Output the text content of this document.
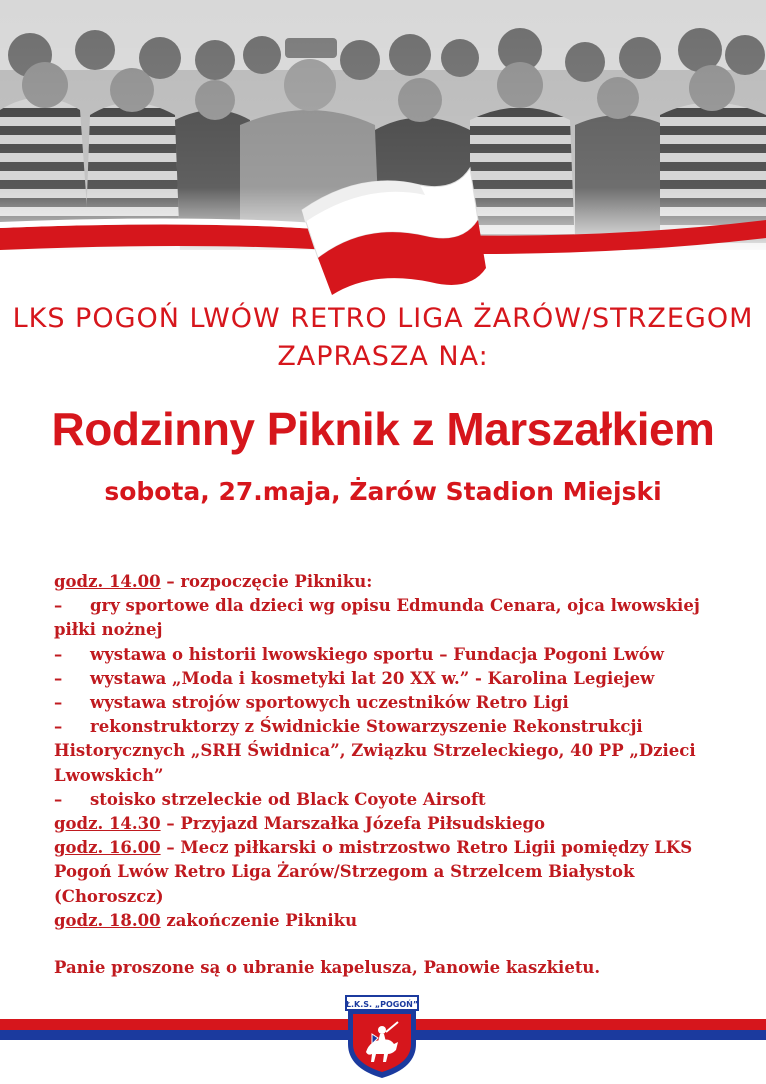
LKS POGOŃ LWÓW RETRO LIGA ŻARÓW/STRZEGOM
ZAPRASZA NA:
Rodzinny Piknik z Marszałkiem
sobota, 27.maja, Żarów Stadion Miejski

godz. 14.00 – rozpoczęcie Pikniku:

– gry sportowe dla dzieci wg opisu Edmunda Cenara, ojca lwowskiej

piłki nożnej

– wystawa o historii lwowskiego sportu – Fundacja Pogoni Lwów

– wystawa „Moda i kosmetyki lat 20 XX w.” - Karolina Legiejew

– wystawa strojów sportowych uczestników Retro Ligi

– rekonstruktorzy z Świdnickie Stowarzyszenie Rekonstrukcji

Historycznych „SRH Świdnica”, Związku Strzeleckiego, 40 PP „Dzieci

Lwowskich”

– stoisko strzeleckie od Black Coyote Airsoft

godz. 14.30 – Przyjazd Marszałka Józefa Piłsudskiego

godz. 16.00 – Mecz piłkarski o mistrzostwo Retro Ligii pomiędzy LKS

Pogoń Lwów Retro Liga Żarów/Strzegom a Strzelcem Białystok

(Choroszcz)

godz. 18.00 zakończenie Pikniku

Panie proszone są o ubranie kapelusza, Panowie kaszkietu.
Ł.K.S. „POGOŃ”
